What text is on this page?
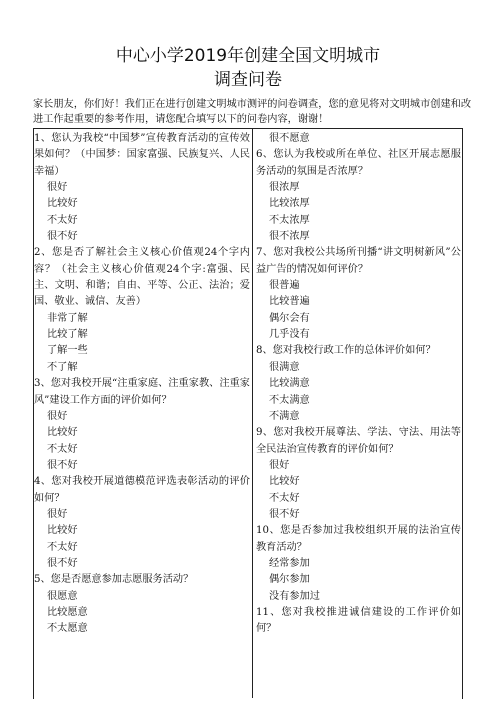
中心小学2019年创建全国文明城市
调查问卷
家长朋友，你们好！我们正在进行创建文明城市测评的问卷调查，您的意见将对文明城市创建和改进工作起重要的参考作用，请您配合填写以下的问卷内容，谢谢！
1、您认为我校“中国梦”宣传教育活动的宣传效果如何？（中国梦：国家富强、民族复兴、人民幸福）
很好
比较好
不太好
很不好
2、您是否了解社会主义核心价值观24个字内容？（社会主义核心价值观24个字:富强、民主、文明、和谐；自由、平等、公正、法治；爱国、敬业、诚信、友善）
非常了解
比较了解
了解一些
不了解
3、您对我校开展“注重家庭、注重家教、注重家风”建设工作方面的评价如何？
很好
比较好
不太好
很不好
4、您对我校开展道德模范评选表彰活动的评价如何？
很好
比较好
不太好
很不好
5、您是否愿意参加志愿服务活动？
很愿意
比较愿意
不太愿意
很不愿意
6、您认为我校或所在单位、社区开展志愿服务活动的氛围是否浓厚？
很浓厚
比较浓厚
不太浓厚
很不浓厚
7、您对我校公共场所刊播“讲文明树新风”公益广告的情况如何评价？
很普遍
比较普遍
偶尔会有
几乎没有
8、您对我校行政工作的总体评价如何？
很满意
比较满意
不太满意
不满意
9、您对我校开展尊法、学法、守法、用法等全民法治宣传教育的评价如何？
很好
比较好
不太好
很不好
10、您是否参加过我校组织开展的法治宣传教育活动？
经常参加
偶尔参加
没有参加过
11、您对我校推进诚信建设的工作评价如何？
